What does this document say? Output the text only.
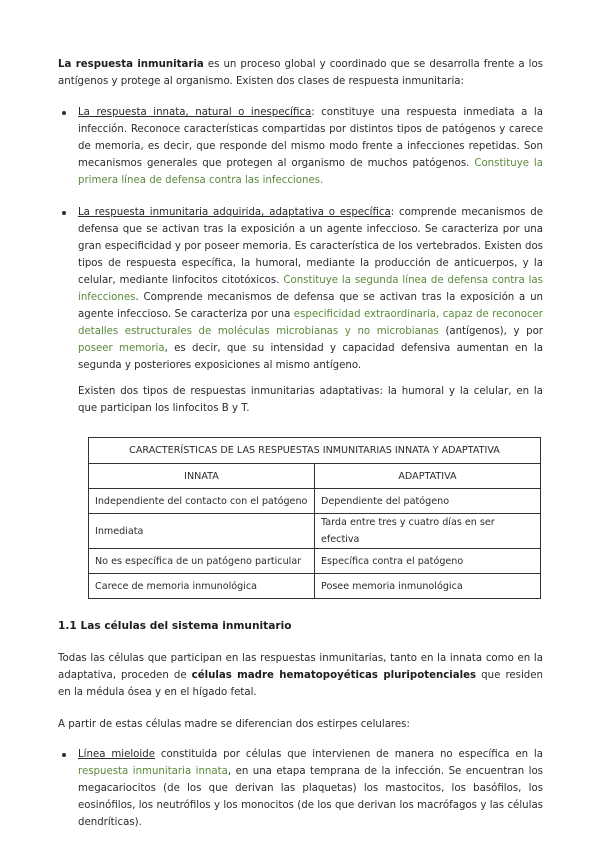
La respuesta inmunitaria es un proceso global y coordinado que se desarrolla frente a los antígenos y protege al organismo. Existen dos clases de respuesta inmunitaria:

La respuesta innata, natural o inespecífica: constituye una respuesta inmediata a la infección. Reconoce características compartidas por distintos tipos de patógenos y carece de memoria, es decir, que responde del mismo modo frente a infecciones repetidas. Son mecanismos generales que protegen al organismo de muchos patógenos. Constituye la primera línea de defensa contra las infecciones.
La respuesta inmunitaria adquirida, adaptativa o específica: comprende mecanismos de defensa que se activan tras la exposición a un agente infeccioso. Se caracteriza por una gran especificidad y por poseer memoria. Es característica de los vertebrados. Existen dos tipos de respuesta específica, la humoral, mediante la producción de anticuerpos, y la celular, mediante linfocitos citotóxicos. Constituye la segunda línea de defensa contra las infecciones. Comprende mecanismos de defensa que se activan tras la exposición a un agente infeccioso. Se caracteriza por una especificidad extraordinaria, capaz de reconocer detalles estructurales de moléculas microbianas y no microbianas (antígenos), y por poseer memoria, es decir, que su intensidad y capacidad defensiva aumentan en la segunda y posteriores exposiciones al mismo antígeno.

Existen dos tipos de respuestas inmunitarias adaptativas: la humoral y la celular, en la que participan los linfocitos B y T.

CARACTERÍSTICAS DE LAS RESPUESTAS INMUNITARIAS INNATA Y ADAPTATIVA	
INNATA	ADAPTATIVA
Independiente del contacto con el patógeno	Dependiente del patógeno
Inmediata	Tarda entre tres y cuatro días en ser efectiva
No es específica de un patógeno particular	Específica contra el patógeno
Carece de memoria inmunológica	Posee memoria inmunológica
1.1 Las células del sistema inmunitario

Todas las células que participan en las respuestas inmunitarias, tanto en la innata como en la adaptativa, proceden de células madre hematopoyéticas pluripotenciales que residen en la médula ósea y en el hígado fetal.

A partir de estas células madre se diferencian dos estirpes celulares:

Línea mieloide constituida por células que intervienen de manera no específica en la respuesta inmunitaria innata, en una etapa temprana de la infección. Se encuentran los megacariocitos (de los que derivan las plaquetas) los mastocitos, los basófilos, los eosinófilos, los neutrófilos y los monocitos (de los que derivan los macrófagos y las células dendríticas).
